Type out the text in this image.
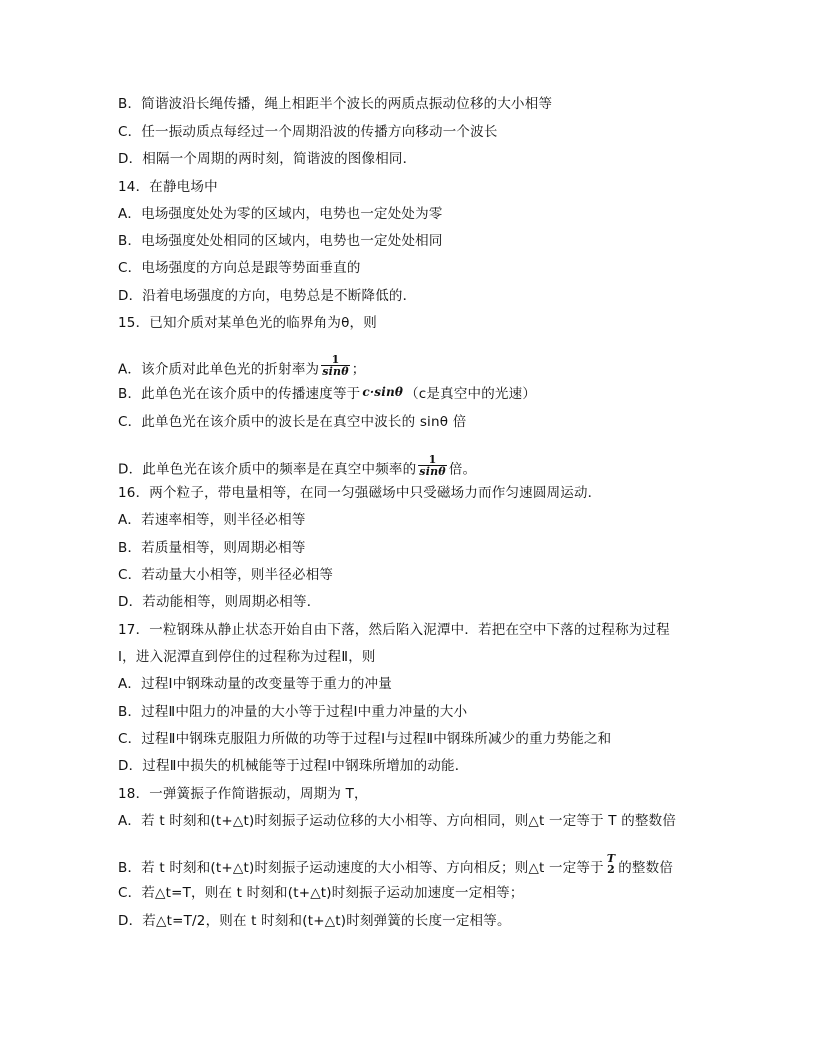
B．简谐波沿长绳传播，绳上相距半个波长的两质点振动位移的大小相等
C．任一振动质点每经过一个周期沿波的传播方向移动一个波长
D．相隔一个周期的两时刻，简谐波的图像相同．
14．在静电场中
A．电场强度处处为零的区域内，电势也一定处处为零
B．电场强度处处相同的区域内，电势也一定处处相同
C．电场强度的方向总是跟等势面垂直的
D．沿着电场强度的方向，电势总是不断降低的．
15．已知介质对某单色光的临界角为θ，则
A．该介质对此单色光的折射率为 $\frac{1}{\sin\theta}$ ；
B．此单色光在该介质中的传播速度等于 c·sinθ （c是真空中的光速）
C．此单色光在该介质中的波长是在真空中波长的 sinθ 倍
D．此单色光在该介质中的频率是在真空中频率的 $\frac{1}{\sin\theta}$ 倍。
16．两个粒子，带电量相等，在同一匀强磁场中只受磁场力而作匀速圆周运动．
A．若速率相等，则半径必相等
B．若质量相等，则周期必相等
C．若动量大小相等，则半径必相等
D．若动能相等，则周期必相等．
17．一粒钢珠从静止状态开始自由下落，然后陷入泥潭中．若把在空中下落的过程称为过程
Ⅰ，进入泥潭直到停住的过程称为过程Ⅱ，则
A．过程Ⅰ中钢珠动量的改变量等于重力的冲量
B．过程Ⅱ中阻力的冲量的大小等于过程Ⅰ中重力冲量的大小
C．过程Ⅱ中钢珠克服阻力所做的功等于过程Ⅰ与过程Ⅱ中钢珠所减少的重力势能之和
D．过程Ⅱ中损失的机械能等于过程Ⅰ中钢珠所增加的动能．
18．一弹簧振子作简谐振动，周期为 T，
A．若 t 时刻和(t+△t)时刻振子运动位移的大小相等、方向相同，则△t 一定等于 T 的整数倍
B．若 t 时刻和(t+△t)时刻振子运动速度的大小相等、方向相反；则△t 一定等于
T
2 的整数倍
C．若△t=T，则在 t 时刻和(t+△t)时刻振子运动加速度一定相等；
D．若△t=T/2，则在 t 时刻和(t+△t)时刻弹簧的长度一定相等。
